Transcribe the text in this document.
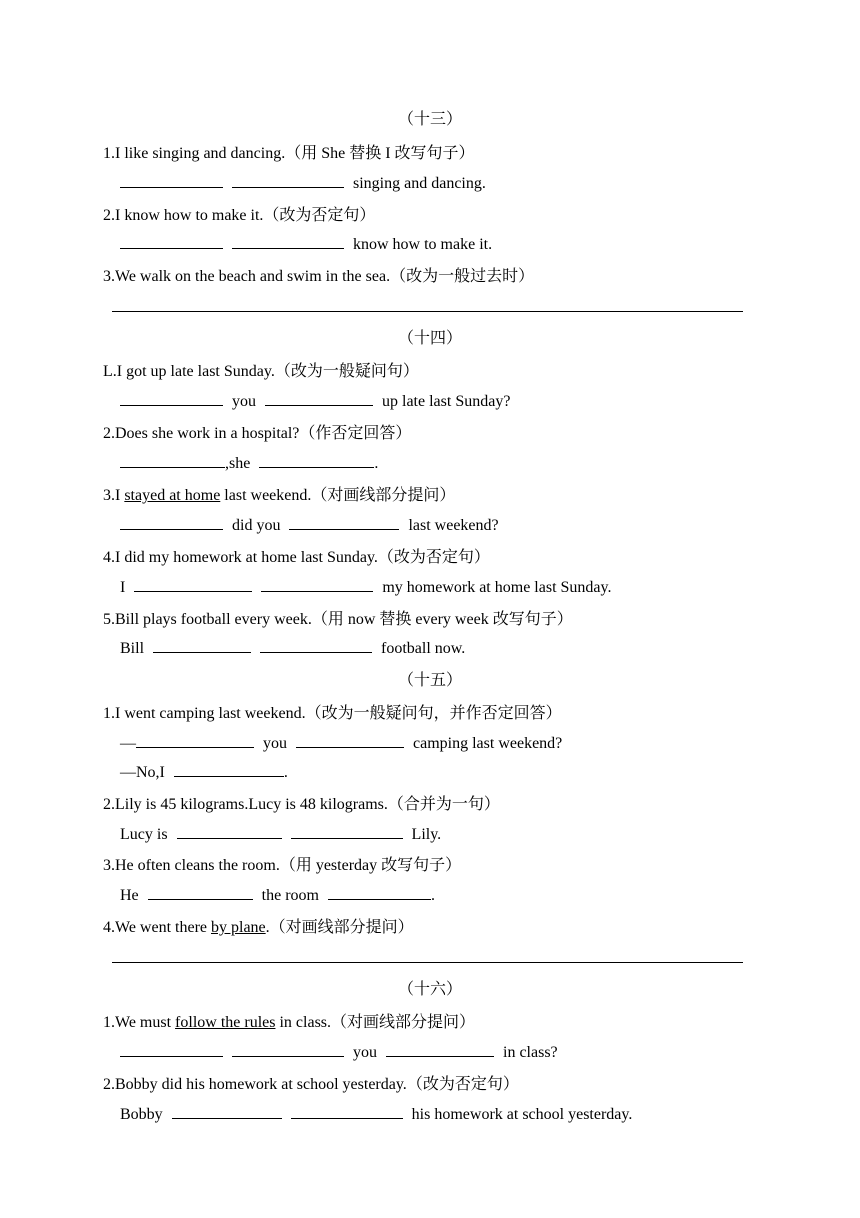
（十三）
1.I like singing and dancing.（用 She 替换 I 改写句子）
singing and dancing.
2.I know how to make it.（改为否定句）
know how to make it.
3.We walk on the beach and swim in the sea.（改为一般过去时）
（十四）
L.I got up late last Sunday.（改为一般疑问句）
you	up late last Sunday?
2.Does she work in a hospital?（作否定回答）
,she	.
3.I stayed at home last weekend.（对画线部分提问）
did you	last weekend?
4.I did my homework at home last Sunday.（改为否定句）
I	my homework at home last Sunday.
5.Bill plays football every week.（用 now 替换 every week 改写句子）
Bill	football now.
（十五）
1.I went camping last weekend.（改为一般疑问句，并作否定回答）
—	you	camping last weekend?
—No,I	.
2.Lily is 45 kilograms.Lucy is 48 kilograms.（合并为一句）
Lucy is	Lily.
3.He often cleans the room.（用 yesterday 改写句子）
He	the room	.
4.We went there by plane.（对画线部分提问）
（十六）
1.We must follow the rules in class.（对画线部分提问）
you	in class?
2.Bobby did his homework at school yesterday.（改为否定句）
Bobby	his homework at school yesterday.
